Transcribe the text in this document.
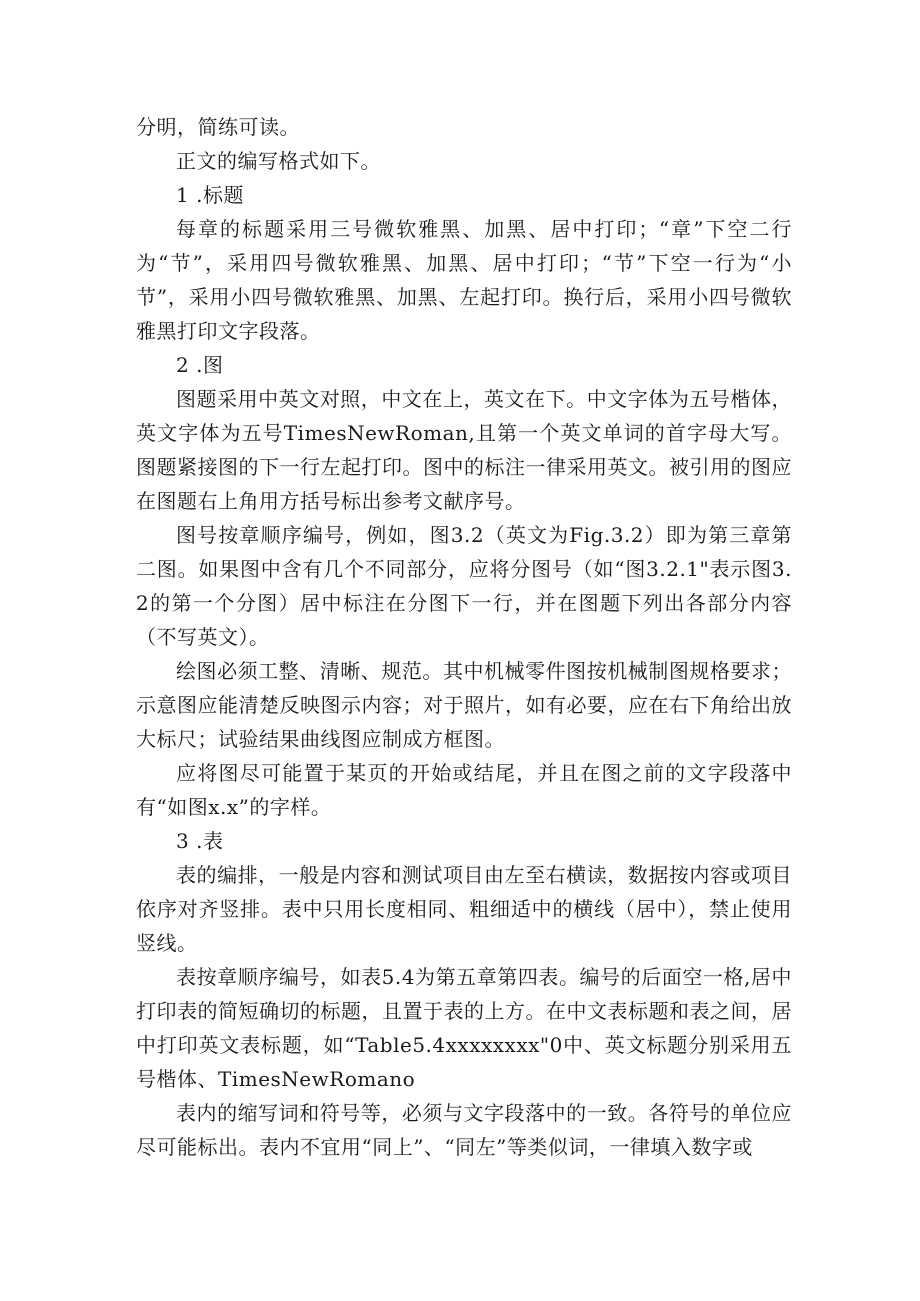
分明，简练可读。

正文的编写格式如下。

1 .标题

每章的标题采用三号微软雅黑、加黑、居中打印；“章”下空二行为“节”，采用四号微软雅黑、加黑、居中打印；“节”下空一行为“小节”，采用小四号微软雅黑、加黑、左起打印。换行后，采用小四号微软雅黑打印文字段落。

2 .图

图题采用中英文对照，中文在上，英文在下。中文字体为五号楷体，英文字体为五号TimesNewRoman,且第一个英文单词的首字母大写。图题紧接图的下一行左起打印。图中的标注一律采用英文。被引用的图应在图题右上角用方括号标出参考文献序号。

图号按章顺序编号，例如，图3.2（英文为Fig.3.2）即为第三章第二图。如果图中含有几个不同部分，应将分图号（如“图3.2.1"表示图3.2的第一个分图）居中标注在分图下一行，并在图题下列出各部分内容（不写英文）。

绘图必须工整、清晰、规范。其中机械零件图按机械制图规格要求；示意图应能清楚反映图示内容；对于照片，如有必要，应在右下角给出放大标尺；试验结果曲线图应制成方框图。

应将图尽可能置于某页的开始或结尾，并且在图之前的文字段落中有“如图x.x”的字样。

3 .表

表的编排，一般是内容和测试项目由左至右横读，数据按内容或项目依序对齐竖排。表中只用长度相同、粗细适中的横线（居中），禁止使用竖线。

表按章顺序编号，如表5.4为第五章第四表。编号的后面空一格,居中打印表的简短确切的标题，且置于表的上方。在中文表标题和表之间，居中打印英文表标题，如“Table5.4xxxxxxxx"0中、英文标题分别采用五号楷体、TimesNewRomano

表内的缩写词和符号等，必须与文字段落中的一致。各符号的单位应尽可能标出。表内不宜用“同上”、“同左”等类似词，一律填入数字或
